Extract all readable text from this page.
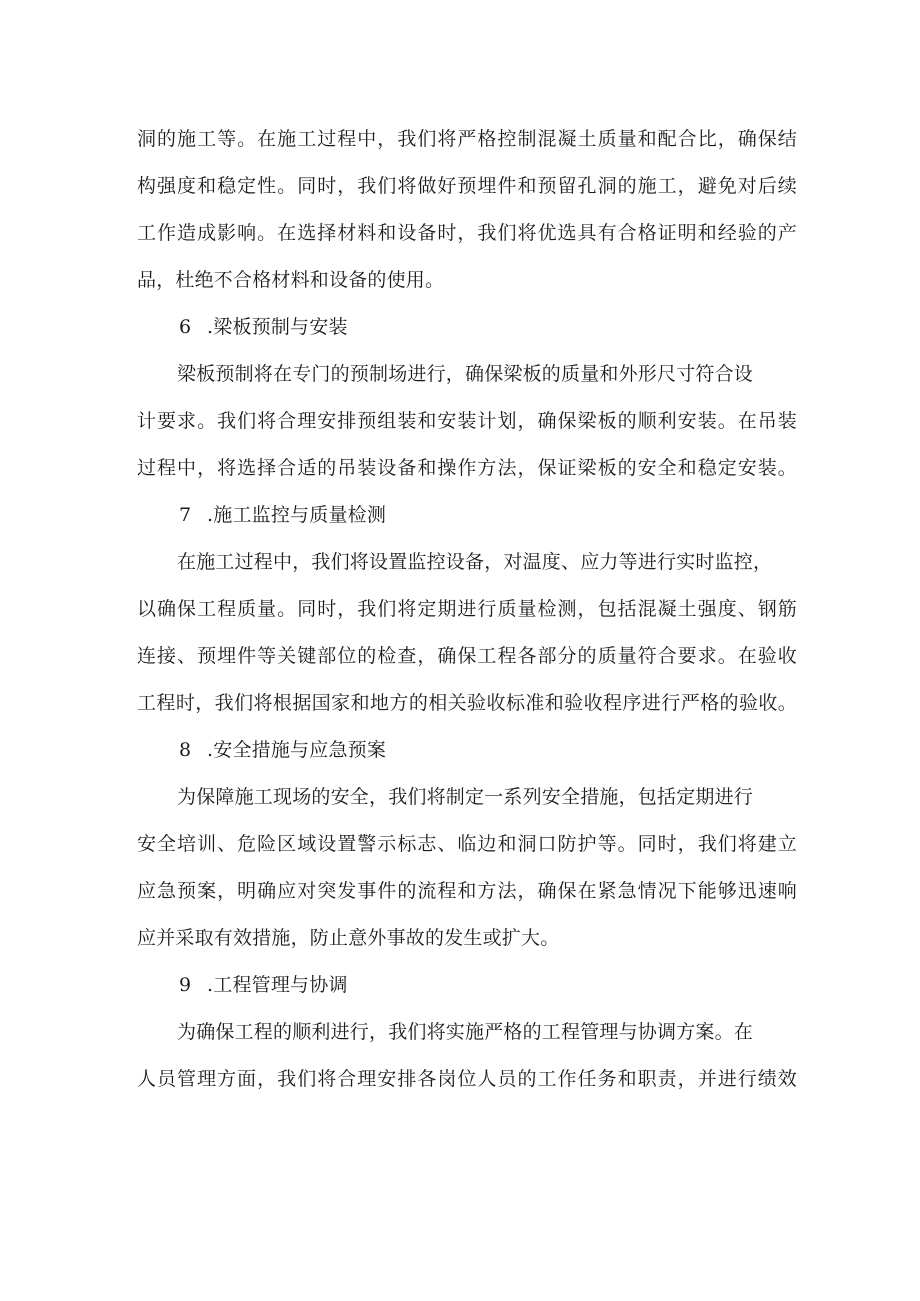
洞的施工等。在施工过程中，我们将严格控制混凝土质量和配合比，确保结
构强度和稳定性。同时，我们将做好预埋件和预留孔洞的施工，避免对后续
工作造成影响。在选择材料和设备时，我们将优选具有合格证明和经验的产
品，杜绝不合格材料和设备的使用。
6 .梁板预制与安装
梁板预制将在专门的预制场进行，确保梁板的质量和外形尺寸符合设
计要求。我们将合理安排预组装和安装计划，确保梁板的顺利安装。在吊装
过程中，将选择合适的吊装设备和操作方法，保证梁板的安全和稳定安装。
7 .施工监控与质量检测
在施工过程中，我们将设置监控设备，对温度、应力等进行实时监控，
以确保工程质量。同时，我们将定期进行质量检测，包括混凝土强度、钢筋
连接、预埋件等关键部位的检查，确保工程各部分的质量符合要求。在验收
工程时，我们将根据国家和地方的相关验收标准和验收程序进行严格的验收。
8 .安全措施与应急预案
为保障施工现场的安全，我们将制定一系列安全措施，包括定期进行
安全培训、危险区域设置警示标志、临边和洞口防护等。同时，我们将建立
应急预案，明确应对突发事件的流程和方法，确保在紧急情况下能够迅速响
应并采取有效措施，防止意外事故的发生或扩大。
9 .工程管理与协调
为确保工程的顺利进行，我们将实施严格的工程管理与协调方案。在
人员管理方面，我们将合理安排各岗位人员的工作任务和职责，并进行绩效
